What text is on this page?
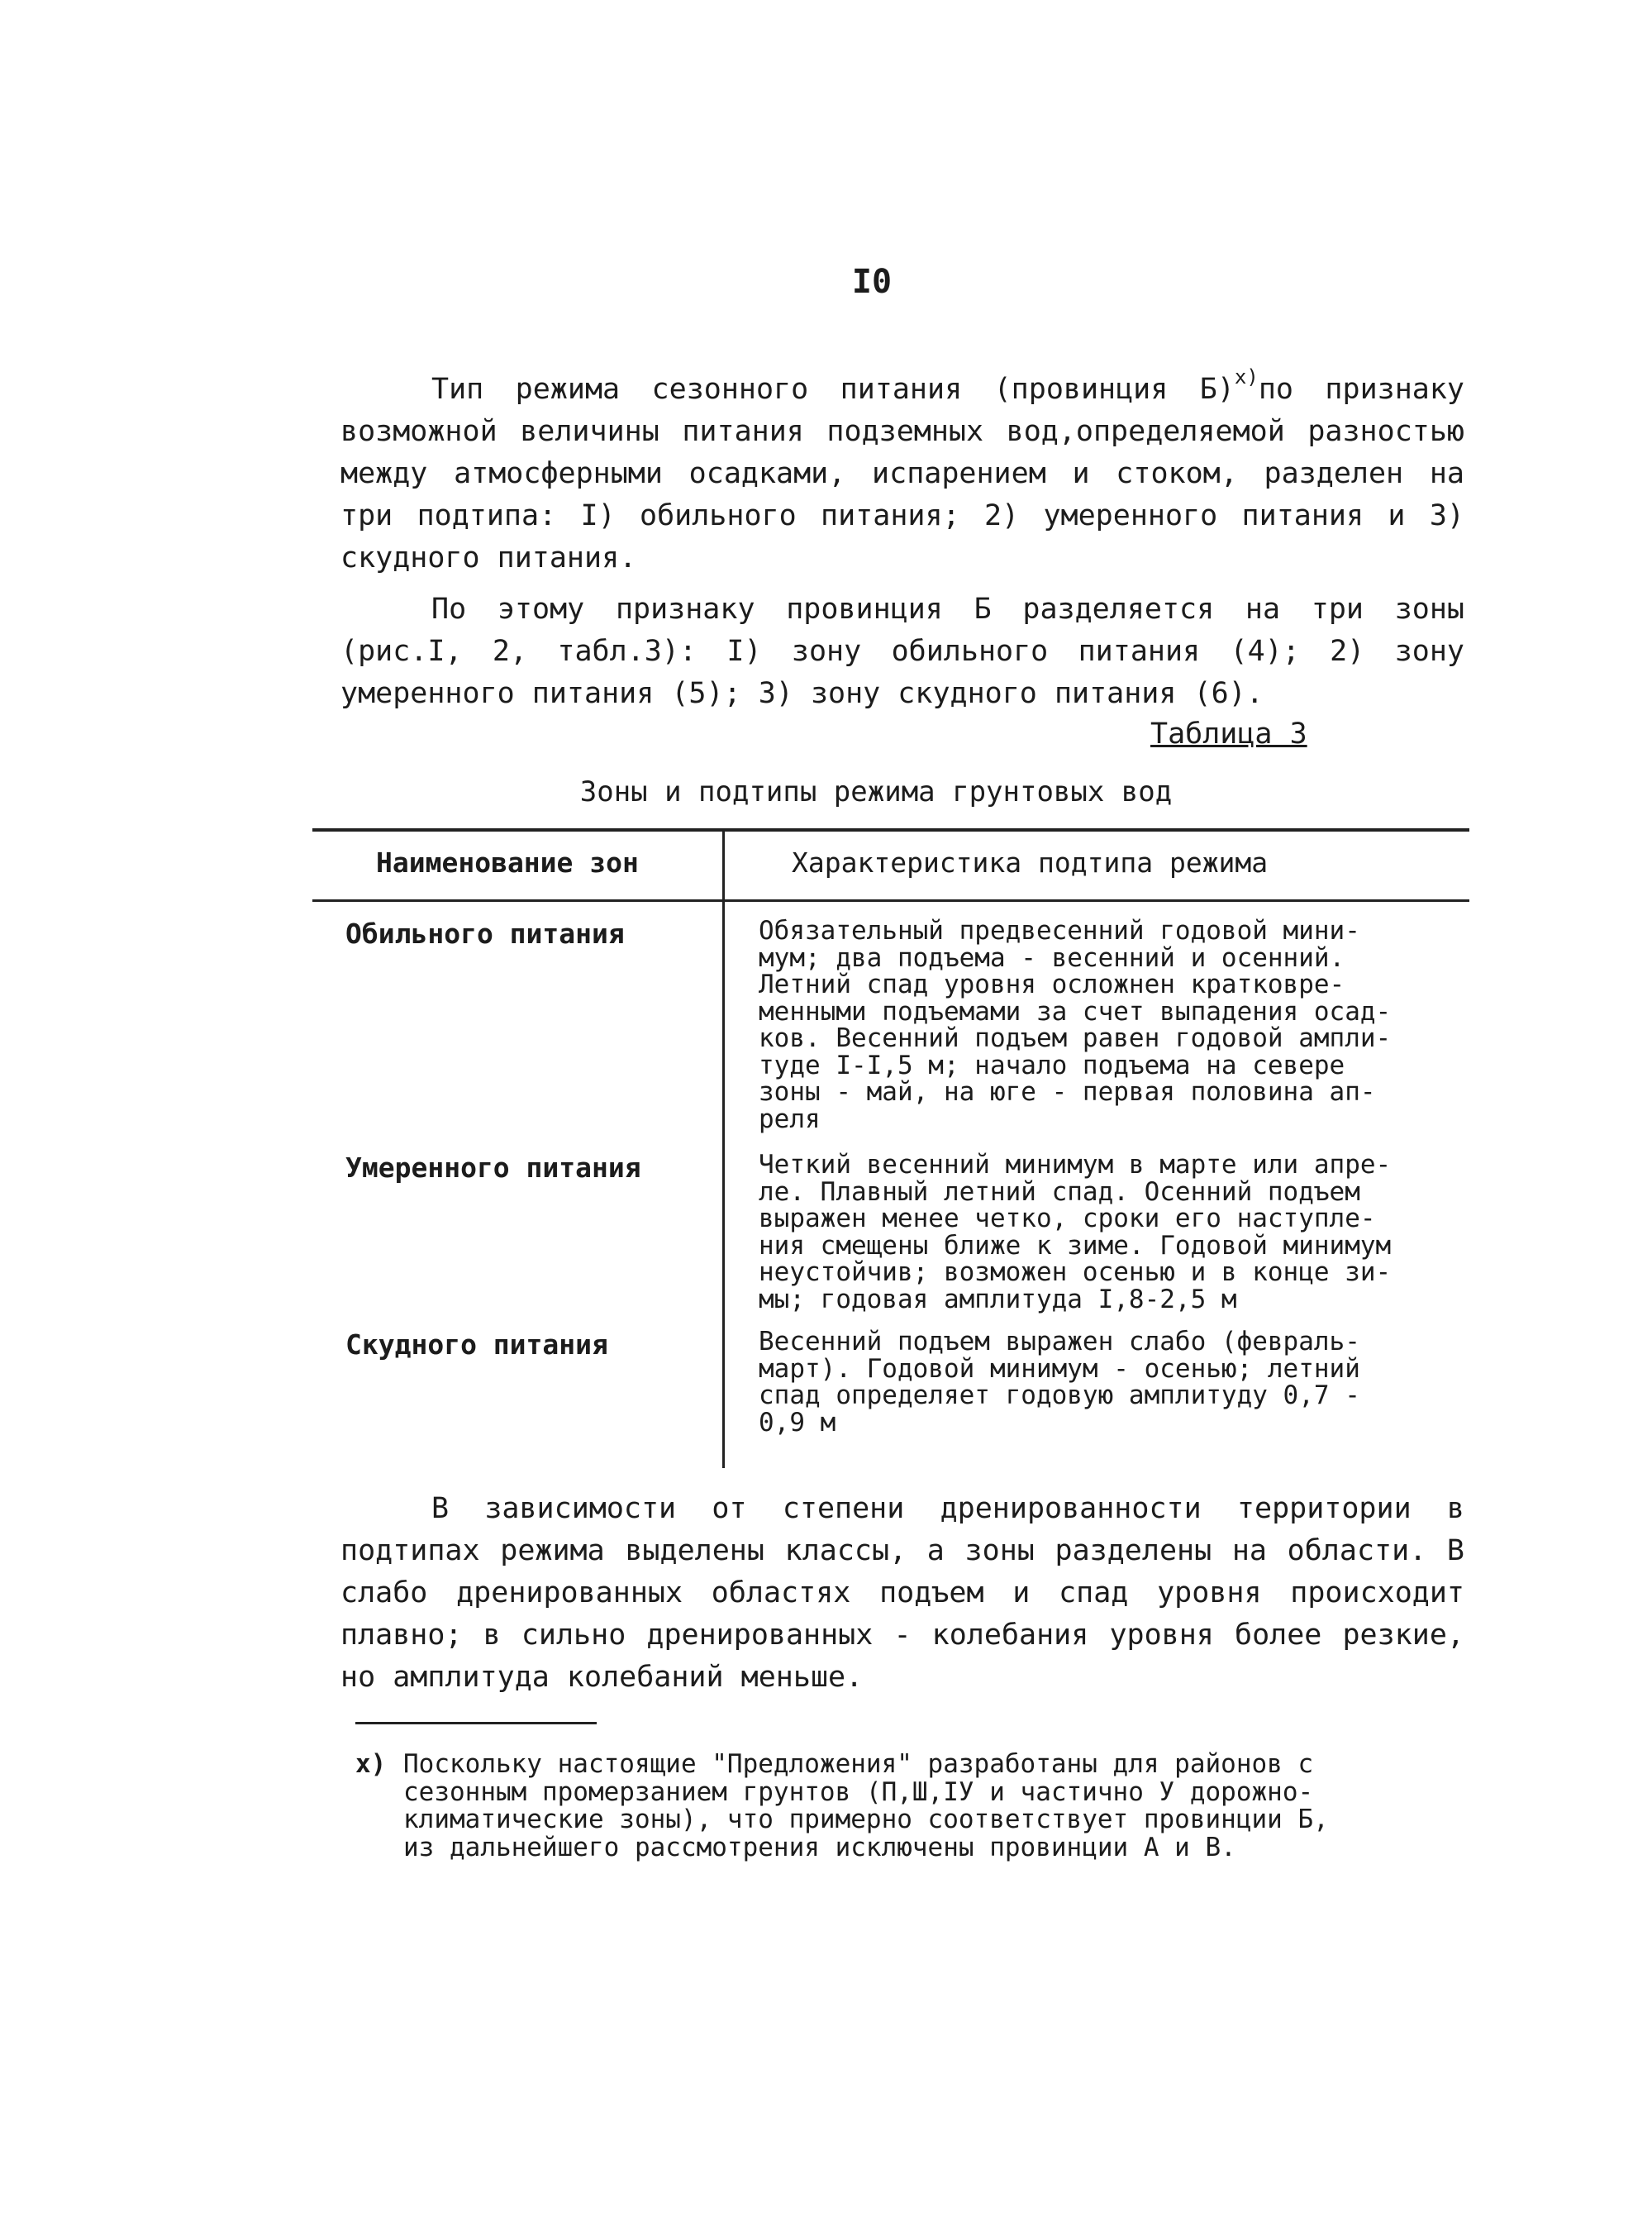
I0

Тип режима сезонного питания (провинция Б)$^{х)}$по признаку возможной величины питания подземных вод,определяемой разностью между атмосферными осадками, испарением и стоком, разделен на три подтипа: I) обильного питания; 2) умеренного питания и 3) скудного питания.

По этому признаку провинция Б разделяется на три зоны (рис.I, 2, табл.3): I) зону обильного питания (4); 2) зону умеренного питания (5); 3) зону скудного питания (6).

Таблица 3
Зоны и подтипы режима грунтовых вод
Наименование зон	Характеристика подтипа режима
Обильного питания	Обязательный предвесенний годовой мини-
мум; два подъема - весенний и осенний.
Летний спад уровня осложнен кратковре-
менными подъемами за счет выпадения осад-
ков. Весенний подъем равен годовой ампли-
туде I-I,5 м; начало подъема на севере
зоны - май, на юге - первая половина ап-
реля
Умеренного питания	Четкий весенний минимум в марте или апре-
ле. Плавный летний спад. Осенний подъем
выражен менее четко, сроки его наступле-
ния смещены ближе к зиме. Годовой минимум
неустойчив; возможен осенью и в конце зи-
мы; годовая амплитуда I,8-2,5 м
Скудного питания	Весенний подъем выражен слабо (февраль-
март). Годовой минимум - осенью; летний
спад определяет годовую амплитуду 0,7 -
0,9 м

В зависимости от степени дренированности территории в подтипах режима выделены классы, а зоны разделены на области. В слабо дренированных областях подъем и спад уровня происходит плавно; в сильно дренированных - колебания уровня более резкие, но амплитуда колебаний меньше.

х) Поскольку настоящие "Предложения" разработаны для районов с
сезонным промерзанием грунтов (П,Ш,IУ и частично У дорожно-
климатические зоны), что примерно соответствует провинции Б,
из дальнейшего рассмотрения исключены провинции А и В.
